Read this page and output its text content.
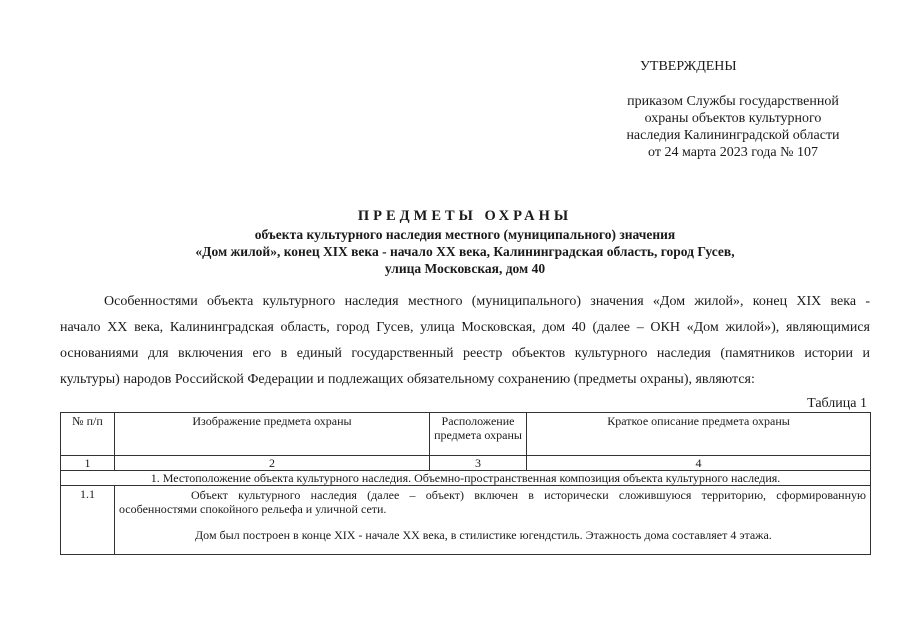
УТВЕРЖДЕНЫ
приказом Службы государственной
охраны объектов культурного
наследия Калининградской области
от 24 марта 2023 года № 107
ПРЕДМЕТЫ ОХРАНЫ
объекта культурного наследия местного (муниципального) значения
«Дом жилой», конец XIX века - начало XX века, Калининградская область, город Гусев,
улица Московская, дом 40
Особенностями объекта культурного наследия местного (муниципального) значения «Дом жилой», конец XIX века -
начало XX века, Калининградская область, город Гусев, улица Московская, дом 40 (далее – ОКН «Дом жилой»), являющимися
основаниями для включения его в единый государственный реестр объектов культурного наследия (памятников истории и
культуры) народов Российской Федерации и подлежащих обязательному сохранению (предметы охраны), являются:
Таблица 1
№ п/п	Изображение предмета охраны	Расположение предмета охраны	Краткое описание предмета охраны
1	2	3	4
1. Местоположение объекта культурного наследия. Объемно-пространственная композиция объекта культурного наследия.			
1.1	Объект культурного наследия (далее – объект) включен в исторически сложившуюся территорию, сформированную особенностями спокойного рельефа и уличной сети.

Дом был построен в конце XIX - начале XX века, в стилистике югендстиль. Этажность дома составляет 4 этажа.		
